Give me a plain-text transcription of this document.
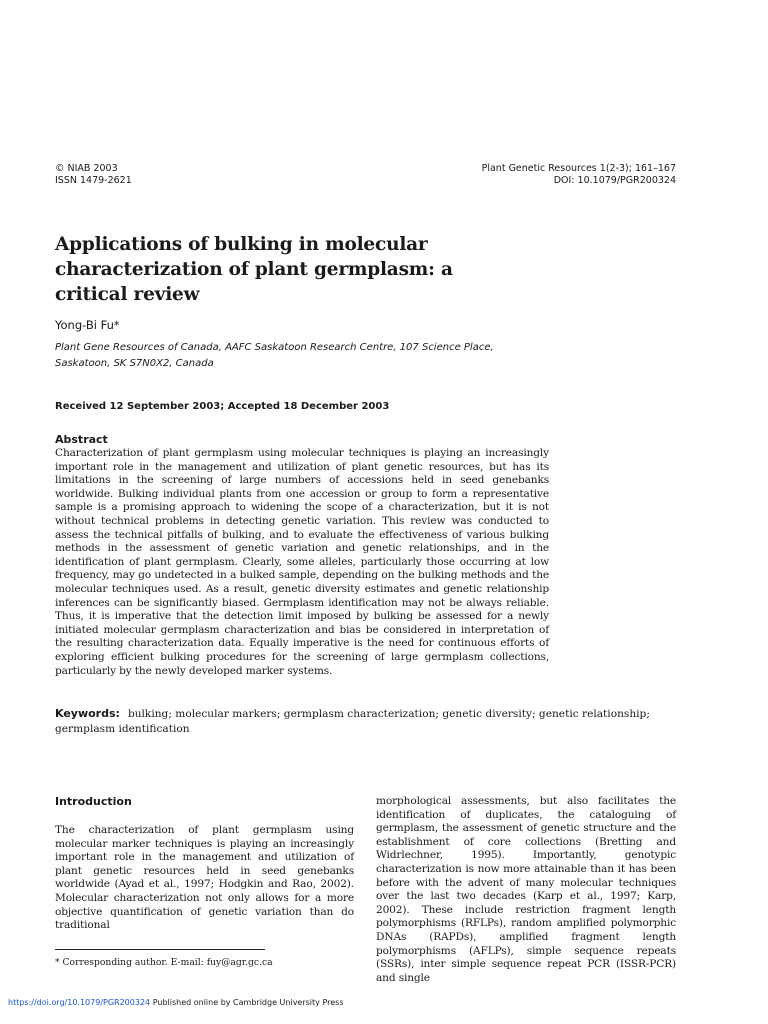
© NIAB 2003
ISSN 1479-2621
Plant Genetic Resources 1(2-3); 161–167
DOI: 10.1079/PGR200324
Applications of bulking in molecular
characterization of plant germplasm: a
critical review
Yong-Bi Fu*
Plant Gene Resources of Canada, AAFC Saskatoon Research Centre, 107 Science Place,
Saskatoon, SK S7N0X2, Canada
Received 12 September 2003; Accepted 18 December 2003
Abstract
Characterization of plant germplasm using molecular techniques is playing an increasingly important role in the management and utilization of plant genetic resources, but has its limitations in the screening of large numbers of accessions held in seed genebanks worldwide. Bulking individual plants from one accession or group to form a representative sample is a promising approach to widening the scope of a characterization, but it is not without technical problems in detecting genetic variation. This review was conducted to assess the technical pitfalls of bulking, and to evaluate the effectiveness of various bulking methods in the assessment of genetic variation and genetic relationships, and in the identification of plant germplasm. Clearly, some alleles, particularly those occurring at low frequency, may go undetected in a bulked sample, depending on the bulking methods and the molecular techniques used. As a result, genetic diversity estimates and genetic relationship inferences can be significantly biased. Germplasm identification may not be always reliable. Thus, it is imperative that the detection limit imposed by bulking be assessed for a newly initiated molecular germplasm characterization and bias be considered in interpretation of the resulting characterization data. Equally imperative is the need for continuous efforts of exploring efficient bulking procedures for the screening of large germplasm collections, particularly by the newly developed marker systems.
Keywords: bulking; molecular markers; germplasm characterization; genetic diversity; genetic relationship; germplasm identification
Introduction
The characterization of plant germplasm using molecular marker techniques is playing an increasingly important role in the management and utilization of plant genetic resources held in seed genebanks worldwide (Ayad et al., 1997; Hodgkin and Rao, 2002). Molecular characterization not only allows for a more objective quantification of genetic variation than do traditional
morphological assessments, but also facilitates the identification of duplicates, the cataloguing of germplasm, the assessment of genetic structure and the establishment of core collections (Bretting and Widrlechner, 1995). Importantly, genotypic characterization is now more attainable than it has been before with the advent of many molecular techniques over the last two decades (Karp et al., 1997; Karp, 2002). These include restriction fragment length polymorphisms (RFLPs), random amplified polymorphic DNAs (RAPDs), amplified fragment length polymorphisms (AFLPs), simple sequence repeats (SSRs), inter simple sequence repeat PCR (ISSR-PCR) and single
* Corresponding author. E-mail: fuy@agr.gc.ca
https://doi.org/10.1079/PGR200324 Published online by Cambridge University Press
